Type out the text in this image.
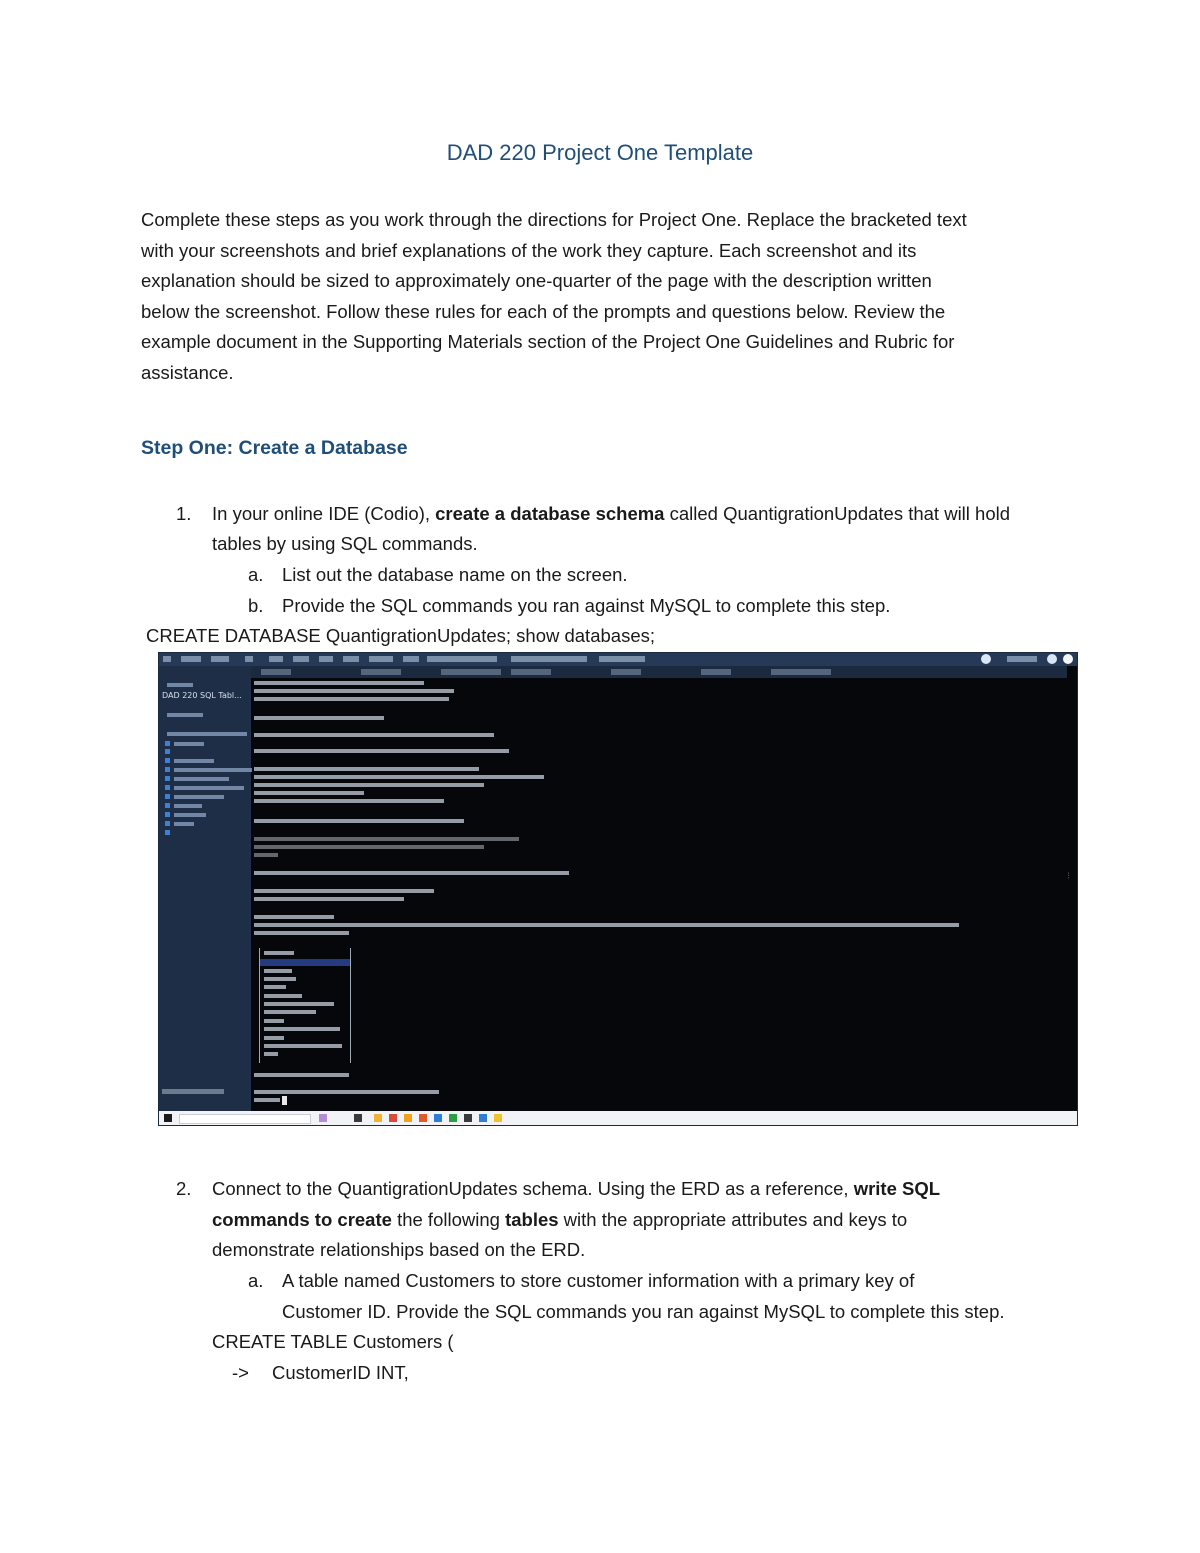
DAD 220 Project One Template
Complete these steps as you work through the directions for Project One. Replace the bracketed text
with your screenshots and brief explanations of the work they capture. Each screenshot and its
explanation should be sized to approximately one-quarter of the page with the description written
below the screenshot. Follow these rules for each of the prompts and questions below. Review the
example document in the Supporting Materials section of the Project One Guidelines and Rubric for
assistance.
Step One: Create a Database
1. In your online IDE (Codio), create a database schema called QuantigrationUpdates that will hold
tables by using SQL commands.
a. List out the database name on the screen.
b. Provide the SQL commands you ran against MySQL to complete this step.
CREATE DATABASE QuantigrationUpdates; show databases;
DAD 220 SQL Tabl...
⁝
2. Connect to the QuantigrationUpdates schema. Using the ERD as a reference, write SQL
commands to create the following tables with the appropriate attributes and keys to
demonstrate relationships based on the ERD.
a. A table named Customers to store customer information with a primary key of
Customer ID. Provide the SQL commands you ran against MySQL to complete this step.
CREATE TABLE Customers (
-> CustomerID INT,
